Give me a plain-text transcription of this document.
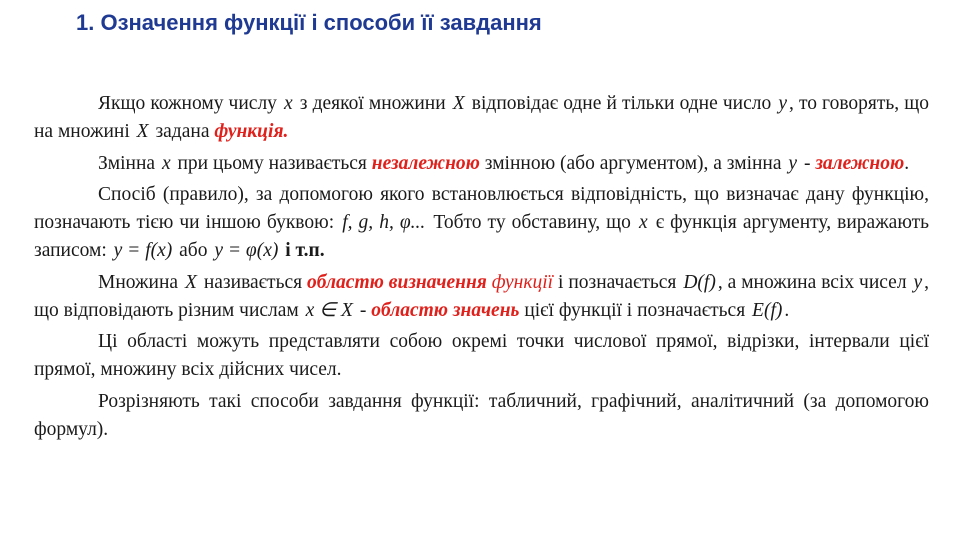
1. Означення функції і способи її завдання

Якщо кожному числу x з деякої множини X відповідає одне й тільки одне число y , то говорять, що на множині X задана функція.

Змінна x при цьому називається незалежною змінною (або аргументом), а змінна y - залежною.

Спосіб (правило), за допомогою якого встановлюється відповідність, що визначає дану функцію, позначають тією чи іншою буквою: f, g, h, φ... Тобто ту обставину, що x є функція аргументу, виражають записом: y = f(x) або y = φ(x) і т.п.

Множина X називається областю визначення функції і позначається D(f) , а множина всіх чисел y , що відповідають різним числам x ∈ X - областю значень цієї функції і позначається E(f) .

Ці області можуть представляти собою окремі точки числової прямої, відрізки, інтервали цієї прямої, множину всіх дійсних чисел.

Розрізняють такі способи завдання функції: табличний, графічний, аналітичний (за допомогою формул).
